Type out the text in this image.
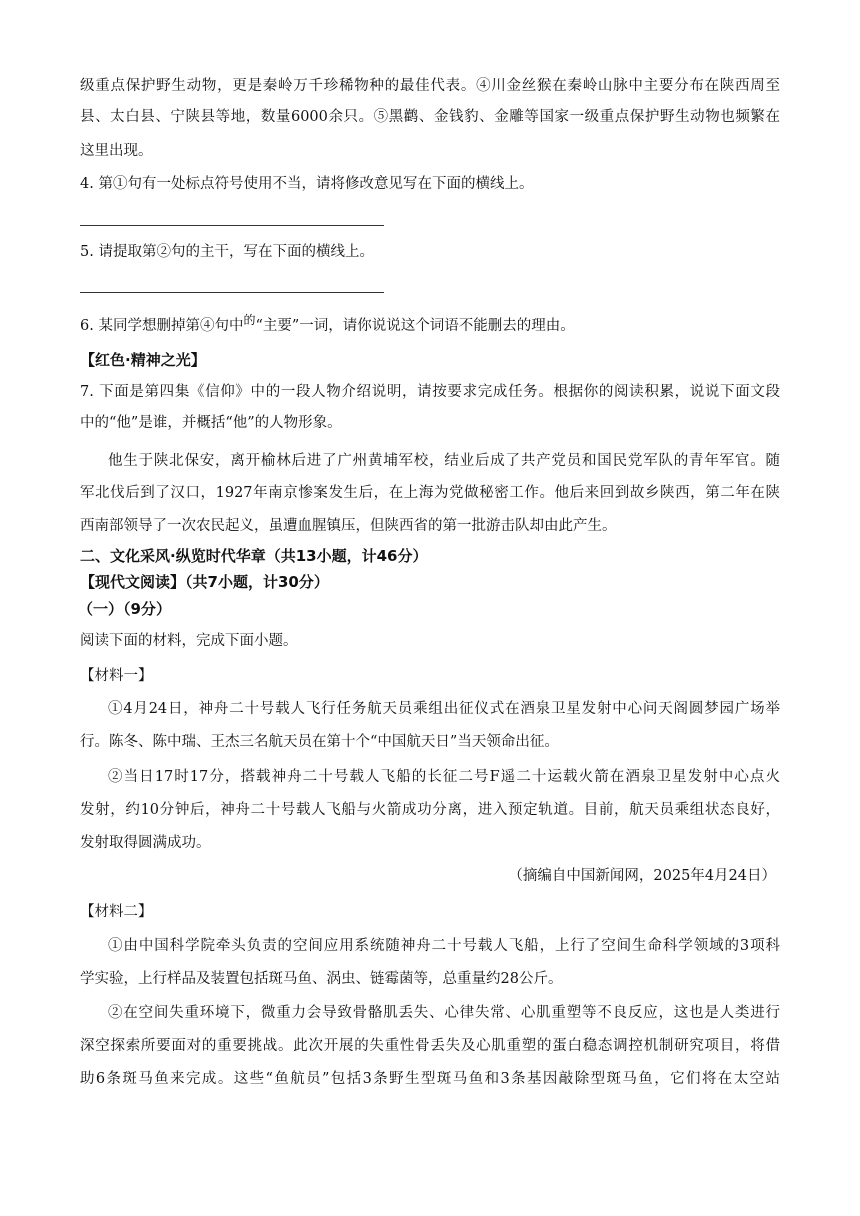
级重点保护野生动物，更是秦岭万千珍稀物种的最佳代表。④川金丝猴在秦岭山脉中主要分布在陕西周至
县、太白县、宁陕县等地，数量6000余只。⑤黑鹳、金钱豹、金雕等国家一级重点保护野生动物也频繁在
这里出现。
4. 第①句有一处标点符号使用不当，请将修改意见写在下面的横线上。
5. 请提取第②句的主干，写在下面的横线上。
6. 某同学想删掉第④句中$^的$“主要”一词，请你说说这个词语不能删去的理由。
【红色·精神之光】
7. 下面是第四集《信仰》中的一段人物介绍说明，请按要求完成任务。根据你的阅读积累，说说下面文段
中的“他”是谁，并概括“他”的人物形象。
他生于陕北保安，离开榆林后进了广州黄埔军校，结业后成了共产党员和国民党军队的青年军官。随
军北伐后到了汉口，1927年南京惨案发生后，在上海为党做秘密工作。他后来回到故乡陕西，第二年在陕
西南部领导了一次农民起义，虽遭血腥镇压，但陕西省的第一批游击队却由此产生。
二、文化采风·纵览时代华章（共13小题，计46分）
【现代文阅读】（共7小题，计30分）
（一）（9分）
阅读下面的材料，完成下面小题。
【材料一】
①4月24日，神舟二十号载人飞行任务航天员乘组出征仪式在酒泉卫星发射中心问天阁圆梦园广场举
行。陈冬、陈中瑞、王杰三名航天员在第十个“中国航天日”当天领命出征。
②当日17时17分，搭载神舟二十号载人飞船的长征二号F遥二十运载火箭在酒泉卫星发射中心点火
发射，约10分钟后，神舟二十号载人飞船与火箭成功分离，进入预定轨道。目前，航天员乘组状态良好，
发射取得圆满成功。
（摘编自中国新闻网，2025年4月24日）
【材料二】
①由中国科学院牵头负责的空间应用系统随神舟二十号载人飞船，上行了空间生命科学领域的3项科
学实验，上行样品及装置包括斑马鱼、涡虫、链霉菌等，总重量约28公斤。
②在空间失重环境下，微重力会导致骨骼肌丢失、心律失常、心肌重塑等不良反应，这也是人类进行
深空探索所要面对的重要挑战。此次开展的失重性骨丢失及心肌重塑的蛋白稳态调控机制研究项目，将借
助6条斑马鱼来完成。这些“鱼航员”包括3条野生型斑马鱼和3条基因敲除型斑马鱼，它们将在太空站
